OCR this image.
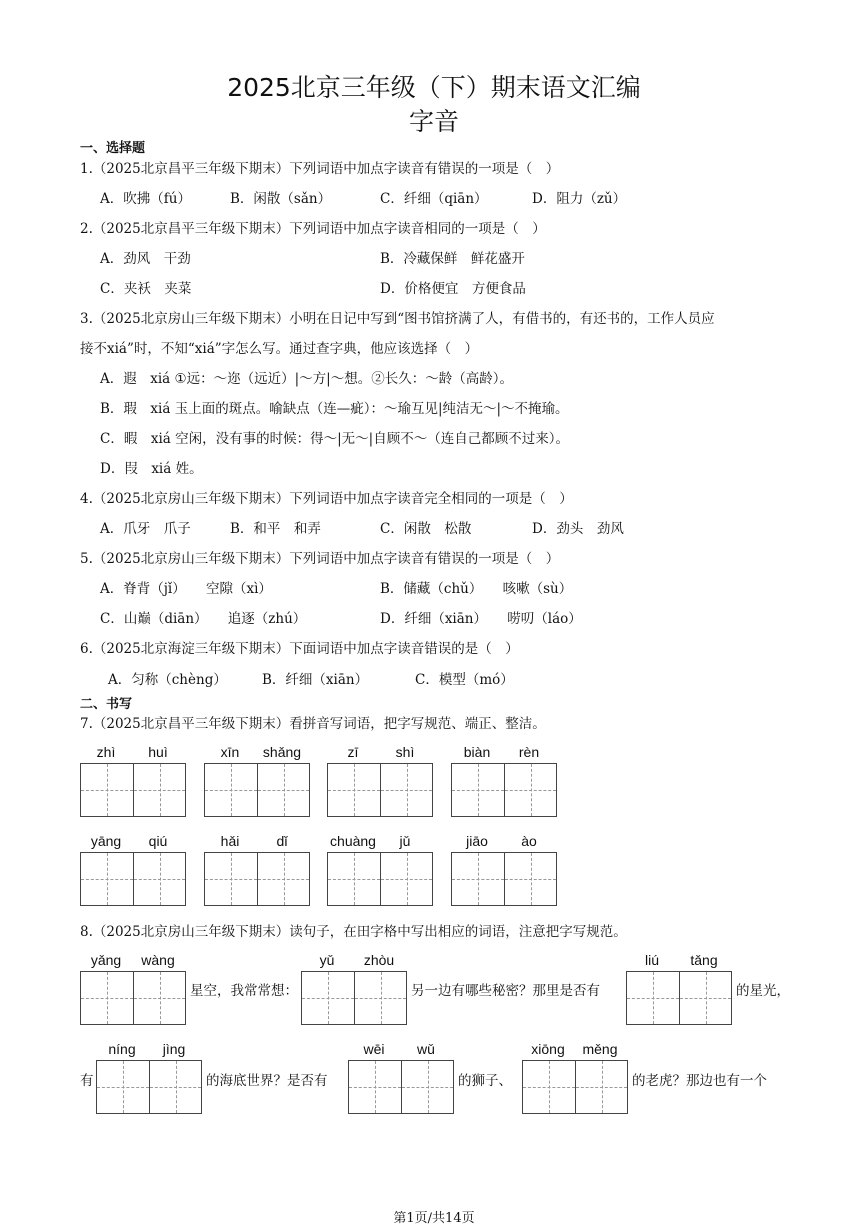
2025北京三年级（下）期末语文汇编
字音
一、选择题
1.（2025北京昌平三年级下期末）下列词语中加点字读音有错误的一项是（　）
A．吹拂（fú）	B．闲散（sǎn）	C．纤细（qiān）	D．阻力（zǔ）
2.（2025北京昌平三年级下期末）下列词语中加点字读音相同的一项是（　）
A．劲风　干劲	B．冷藏保鲜　鲜花盛开
C．夹袄　夹菜	D．价格便宜　方便食品
3.（2025北京房山三年级下期末）小明在日记中写到“图书馆挤满了人，有借书的，有还书的，工作人员应
接不xiá”时，不知“xiá”字怎么写。通过查字典，他应该选择（　）
A．遐　xiá ①远：～迩（远近）|～方|～想。②长久：～龄（高龄）。
B．瑕　xiá 玉上面的斑点。喻缺点（连—疵）：～瑜互见|纯洁无～|～不掩瑜。
C．暇　xiá 空闲，没有事的时候：得～|无～|自顾不～（连自己都顾不过来）。
D．叚　xiá 姓。
4.（2025北京房山三年级下期末）下列词语中加点字读音完全相同的一项是（　）
A．爪牙　爪子	B．和平　和弄	C．闲散　松散	D．劲头　劲风
5.（2025北京房山三年级下期末）下列词语中加点字读音有错误的一项是（　）
A．脊背（jǐ）　　空隙（xì）	B．储藏（chǔ）　　咳嗽（sù）
C．山巅（diān）　　追逐（zhú）	D．纤细（xiān）　　唠叨（láo）
6.（2025北京海淀三年级下期末）下面词语中加点字读音错误的是（　）
A．匀称（chèng）	B．纤细（xiān）	C．模型（mó）
二、书写
7.（2025北京昌平三年级下期末）看拼音写词语，把字写规范、端正、整洁。
zhì	huì	xīn	shǎng	zī	shì	biàn	rèn
yāng	qiú	hǎi	dǐ	chuàng	jǔ	jiāo	ào
8.（2025北京房山三年级下期末）读句子，在田字格中写出相应的词语，注意把字写规范。
yǎng	wàng	yǔ	zhòu	liú	tǎng
星空，我常常想：	另一边有哪些秘密？那里是否有	的星光，
níng	jìng	wēi	wǔ	xiōng	měng
有	的海底世界？是否有	的狮子、	的老虎？那边也有一个
第1页/共14页
